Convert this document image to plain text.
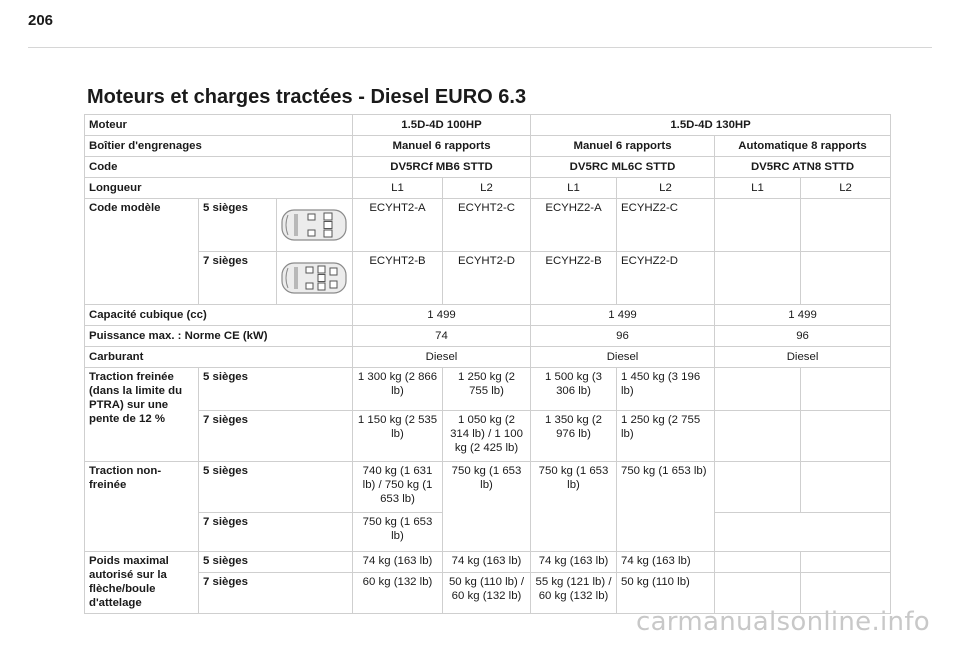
206
Moteurs et charges tractées - Diesel EURO 6.3
Moteur			1.5D-4D 100HP		1.5D-4D 130HP			
Boîtier d'engrenages			Manuel 6 rapports		Manuel 6 rapports		Automatique 8 rapports	
Code			DV5RCf MB6 STTD		DV5RC ML6C STTD		DV5RC ATN8 STTD	
Longueur			L1	L2	L1	L2	L1	L2
Code modèle	5 sièges		ECYHT2-A	ECYHT2-C	ECYHZ2-A	ECYHZ2-C		
	7 sièges		ECYHT2-B	ECYHT2-D	ECYHZ2-B	ECYHZ2-D		
Capacité cubique (cc)			1 499		1 499		1 499	
Puissance max. : Norme CE (kW)			74		96		96	
Carburant			Diesel		Diesel		Diesel	
Traction freinée (dans la limite du PTRA) sur une pente de 12 %	5 sièges		1 300 kg (2 866 lb)	1 250 kg (2 755 lb)	1 500 kg (3 306 lb)	1 450 kg (3 196 lb)		
	7 sièges		1 150 kg (2 535 lb)	1 050 kg (2 314 lb) / 1 100 kg (2 425 lb)	1 350 kg (2 976 lb)	1 250 kg (2 755 lb)		
Traction non-freinée	5 sièges		740 kg (1 631 lb) / 750 kg (1 653 lb)	750 kg (1 653 lb)	750 kg (1 653 lb)	750 kg (1 653 lb)		
	7 sièges		750 kg (1 653 lb)					
Poids maximal autorisé sur la flèche/boule d'attelage	5 sièges		74 kg (163 lb)	74 kg (163 lb)	74 kg (163 lb)	74 kg (163 lb)		
	7 sièges		60 kg (132 lb)	50 kg (110 lb) / 60 kg (132 lb)	55 kg (121 lb) / 60 kg (132 lb)	50 kg (110 lb)		
carmanualsonline.info
